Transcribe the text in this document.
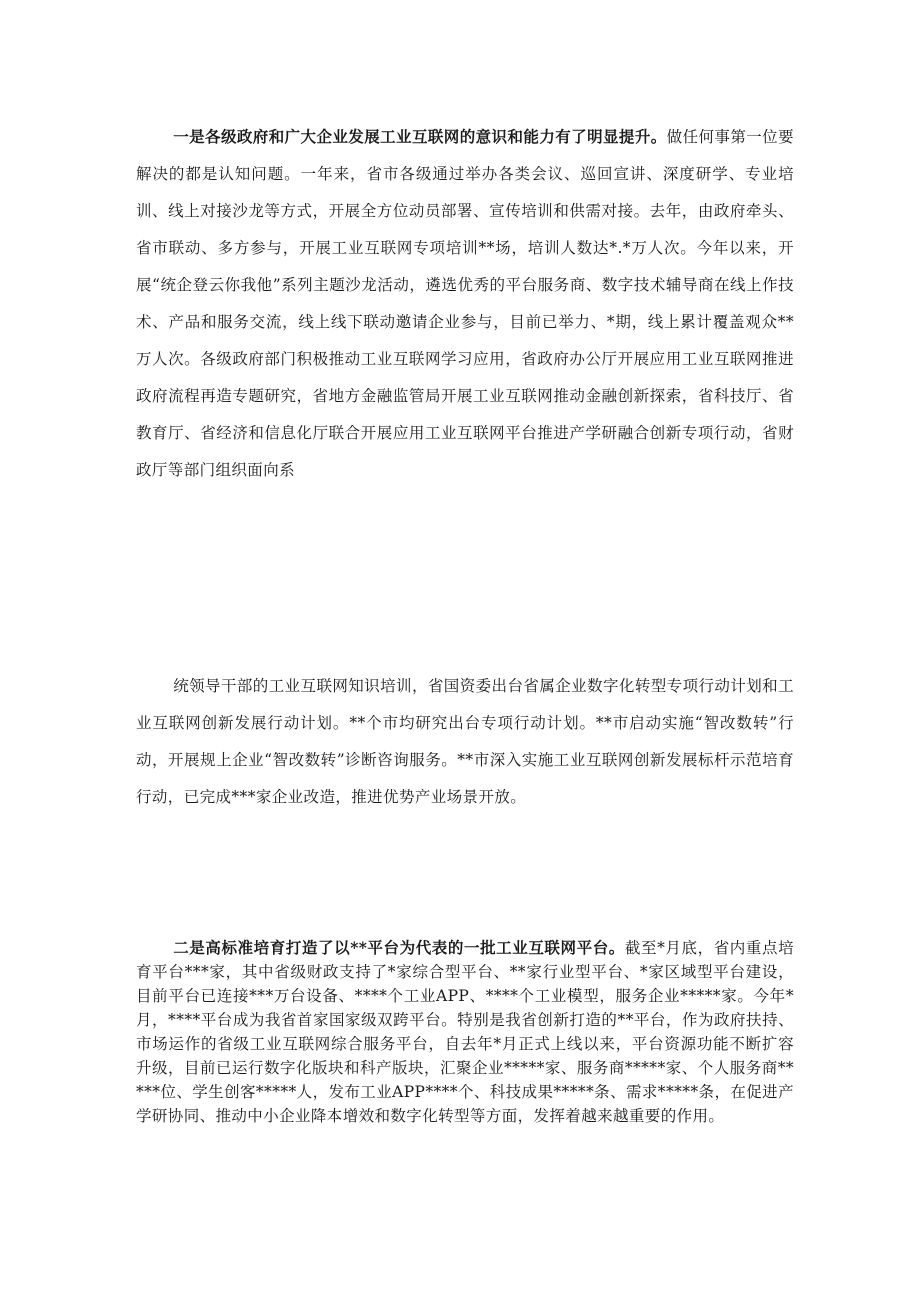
一是各级政府和广大企业发展工业互联网的意识和能力有了明显提升。做任何事第一位要解决的都是认知问题。一年来，省市各级通过举办各类会议、巡回宣讲、深度研学、专业培训、线上对接沙龙等方式，开展全方位动员部署、宣传培训和供需对接。去年，由政府牵头、省市联动、多方参与，开展工业互联网专项培训**场，培训人数达*.*万人次。今年以来，开展“统企登云你我他”系列主题沙龙活动，遴选优秀的平台服务商、数字技术辅导商在线上作技术、产品和服务交流，线上线下联动邀请企业参与，目前已举力、*期，线上累计覆盖观众**万人次。各级政府部门积极推动工业互联网学习应用，省政府办公厅开展应用工业互联网推进政府流程再造专题研究，省地方金融监管局开展工业互联网推动金融创新探索，省科技厅、省教育厅、省经济和信息化厅联合开展应用工业互联网平台推进产学研融合创新专项行动，省财政厅等部门组织面向系

统领导干部的工业互联网知识培训，省国资委出台省属企业数字化转型专项行动计划和工业互联网创新发展行动计划。**个市均研究出台专项行动计划。**市启动实施“智改数转”行动，开展规上企业“智改数转”诊断咨询服务。**市深入实施工业互联网创新发展标杆示范培育行动，已完成***家企业改造，推进优势产业场景开放。

二是高标准培育打造了以**平台为代表的一批工业互联网平台。截至*月底，省内重点培育平台***家，其中省级财政支持了*家综合型平台、**家行业型平台、*家区域型平台建设，目前平台已连接***万台设备、****个工业APP、****个工业模型，服务企业*****家。今年*月，****平台成为我省首家国家级双跨平台。特别是我省创新打造的**平台，作为政府扶持、市场运作的省级工业互联网综合服务平台，自去年*月正式上线以来，平台资源功能不断扩容升级，目前已运行数字化版块和科产版块，汇聚企业*****家、服务商*****家、个人服务商*****位、学生创客*****人，发布工业APP****个、科技成果*****条、需求*****条，在促进产学研协同、推动中小企业降本增效和数字化转型等方面，发挥着越来越重要的作用。
